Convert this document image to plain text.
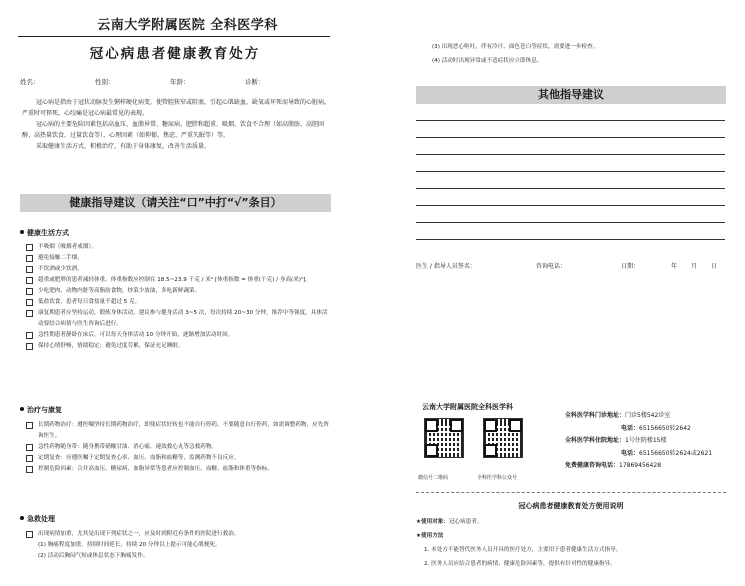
云南大学附属医院 全科医学科
冠心病患者健康教育处方
姓名：	性别：	年龄：	诊断：

冠心病是指由于冠状动脉发生粥样硬化病变，使管腔狭窄或阻塞，引起心肌缺血、缺氧或坏死而导致的心脏病，严重时可猝死。心绞痛是冠心病最常见的表现。

冠心病的主要危险因素包括高血压、血脂异常、糖尿病、肥胖和超重、吸烟、饮食不合理（如高脂肪、高胆固醇、高热量饮食，过量饮食等）、心理因素（如抑郁、焦虑、严重失眠等）等。

采取健康生活方式，积极治疗，有助于身体康复，改善生活质量。

健康指导建议（请关注“口”中打“√”条目）
健康生活方式
不吸烟（吸烟者戒烟）。
避免接触二手烟。
不饮酒或少饮酒。
超重或肥胖的患者减轻体重。体重指数应控制在 18.5~23.9 千克 / 米² [体重指数 = 体重(千克) / 身高(米)²]。
少吃肥肉、动物内脏等高脂肪食物，炒菜少放油，多吃新鲜蔬菜。
低盐饮食，患者每日食盐量不超过 5 克。
康复期患者应坚持运动，锻炼身体活动，建议参与健身活动 3~5 次，每次持续 20~30 分钟，推荐中等强度，具体活动要结合病情与医生咨询后进行。
急性期患者静卧在床后，可以每天身体活动 10 分钟开始，逐渐增加活动时间。
保持心情舒畅，情绪稳定；避免过度劳累，保证充足睡眠。
治疗与康复
长期药物治疗：遵医嘱坚持长期药物治疗，即使症状好转也不能自行停药，不要随意自行停药，如需调整药物，应先咨询医生。
急性药物随身带：随身携带硝酸甘油、消心痛、速效救心丸等急救药物。
定期复查：应遵医嘱于定期复查心率、血压、血脂和血糖等，监测药物不良反应。
控制危险因素：合并高血压、糖尿病、血脂异常等患者应控制血压、血糖、血脂和体重等指标。
急救处理
出现病情加重，尤其是出现下列症状之一，应及时到附近有条件的医院进行救治。
(1) 胸痛程度加重，持续时间延长，持续 20 分钟以上提示可能心肌梗死。
(2) 活动后胸闷气短或休息状态下胸痛发作。
(3) 出现恶心呕吐，伴有冷汗、面色苍白等症状，需要进一步检查。
(4) 活动时出现异常或不适症状应立即休息。
其他指导建议
医生 / 指导人员签名：	咨询电话：	日期：	年	月	日
云南大学附属医院全科医学科
微信号二维码	全科医学科公众号
全科医学科门诊地址：门诊5楼542诊室
电话：65156650转2642
全科医学科住院地址：1号住院楼15楼
电话：65156650转2624或2621
免费健康咨询电话：17869456428
冠心病患者健康教育处方使用说明
★使用对象：冠心病患者。
★使用方法
1. 本处方不能替代医务人员开具的医疗处方，主要用于患者健康生活方式指导。
2. 医务人员应结合患者的病情、健康危险因素等，提供有针对性的健康指导。
